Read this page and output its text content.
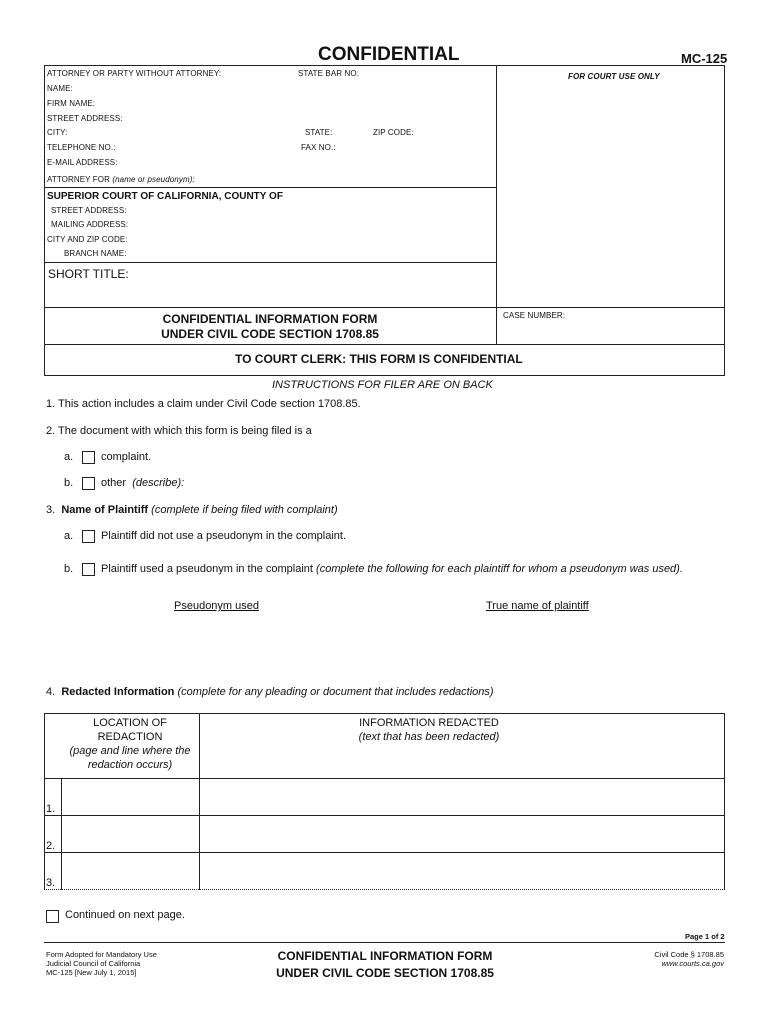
CONFIDENTIAL	MC-125
FOR COURT USE ONLY
ATTORNEY OR PARTY WITHOUT ATTORNEY:	STATE BAR NO:
NAME:
FIRM NAME:
STREET ADDRESS:
CITY:	STATE:	ZIP CODE:
TELEPHONE NO.:	FAX NO.:
E-MAIL ADDRESS:
ATTORNEY FOR (name or pseudonym):
SUPERIOR COURT OF CALIFORNIA, COUNTY OF
STREET ADDRESS:
MAILING ADDRESS:
CITY AND ZIP CODE:
BRANCH NAME:
SHORT TITLE:
CONFIDENTIAL INFORMATION FORM
UNDER CIVIL CODE SECTION 1708.85
CASE NUMBER:
TO COURT CLERK: THIS FORM IS CONFIDENTIAL
INSTRUCTIONS FOR FILER ARE ON BACK
1. This action includes a claim under Civil Code section 1708.85.
2. The document with which this form is being filed is a
a.	complaint.
b.	other (describe):
3. Name of Plaintiff (complete if being filed with complaint)
a.	Plaintiff did not use a pseudonym in the complaint.
b.	Plaintiff used a pseudonym in the complaint (complete the following for each plaintiff for whom a pseudonym was used).
Pseudonym used	True name of plaintiff
4. Redacted Information (complete for any pleading or document that includes redactions)
LOCATION OF
REDACTION
(page and line where the
redaction occurs)
INFORMATION REDACTED
(text that has been redacted)
1.
2.
3.
Continued on next page.
Page 1 of 2
Form Adopted for Mandatory Use
Judicial Council of California
MC-125 [New July 1, 2015]
CONFIDENTIAL INFORMATION FORM
UNDER CIVIL CODE SECTION 1708.85
Civil Code § 1708.85
www.courts.ca.gov
